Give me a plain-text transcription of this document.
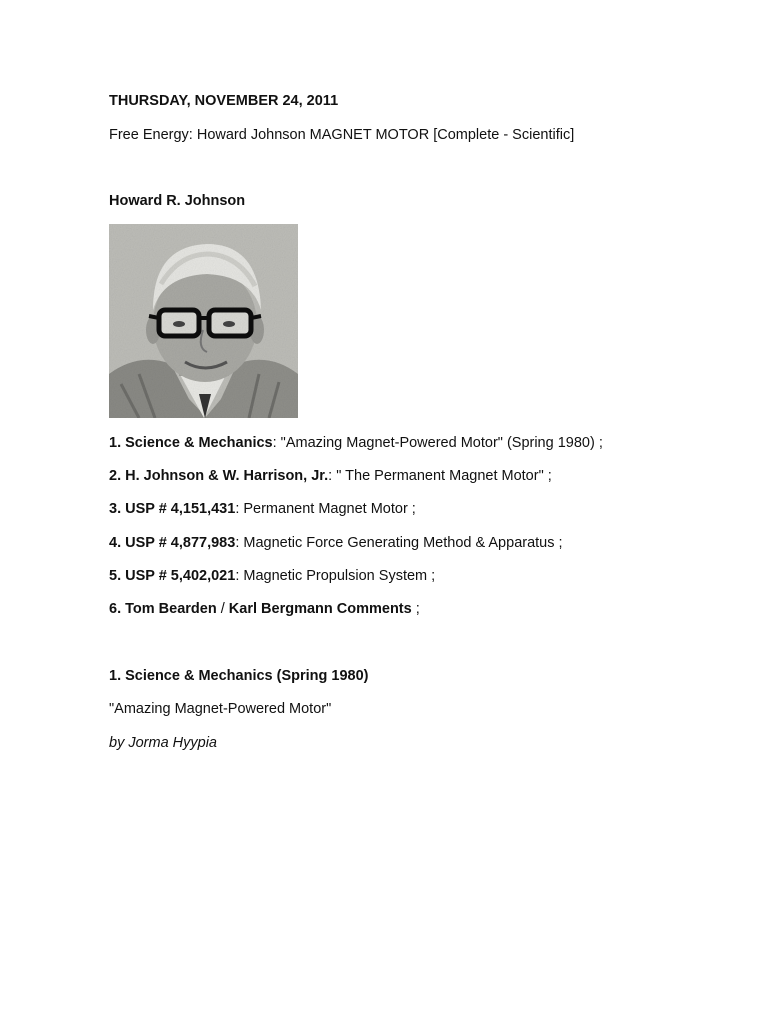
THURSDAY, NOVEMBER 24, 2011
Free Energy: Howard Johnson MAGNET MOTOR [Complete - Scientific]
Howard R. Johnson
1. Science & Mechanics: "Amazing Magnet-Powered Motor" (Spring 1980) ;
2. H. Johnson & W. Harrison, Jr.: " The Permanent Magnet Motor" ;
3. USP # 4,151,431: Permanent Magnet Motor ;
4. USP # 4,877,983: Magnetic Force Generating Method & Apparatus ;
5. USP # 5,402,021: Magnetic Propulsion System ;
6. Tom Bearden / Karl Bergmann Comments ;
1. Science & Mechanics (Spring 1980)
"Amazing Magnet-Powered Motor"
by Jorma Hyypia
